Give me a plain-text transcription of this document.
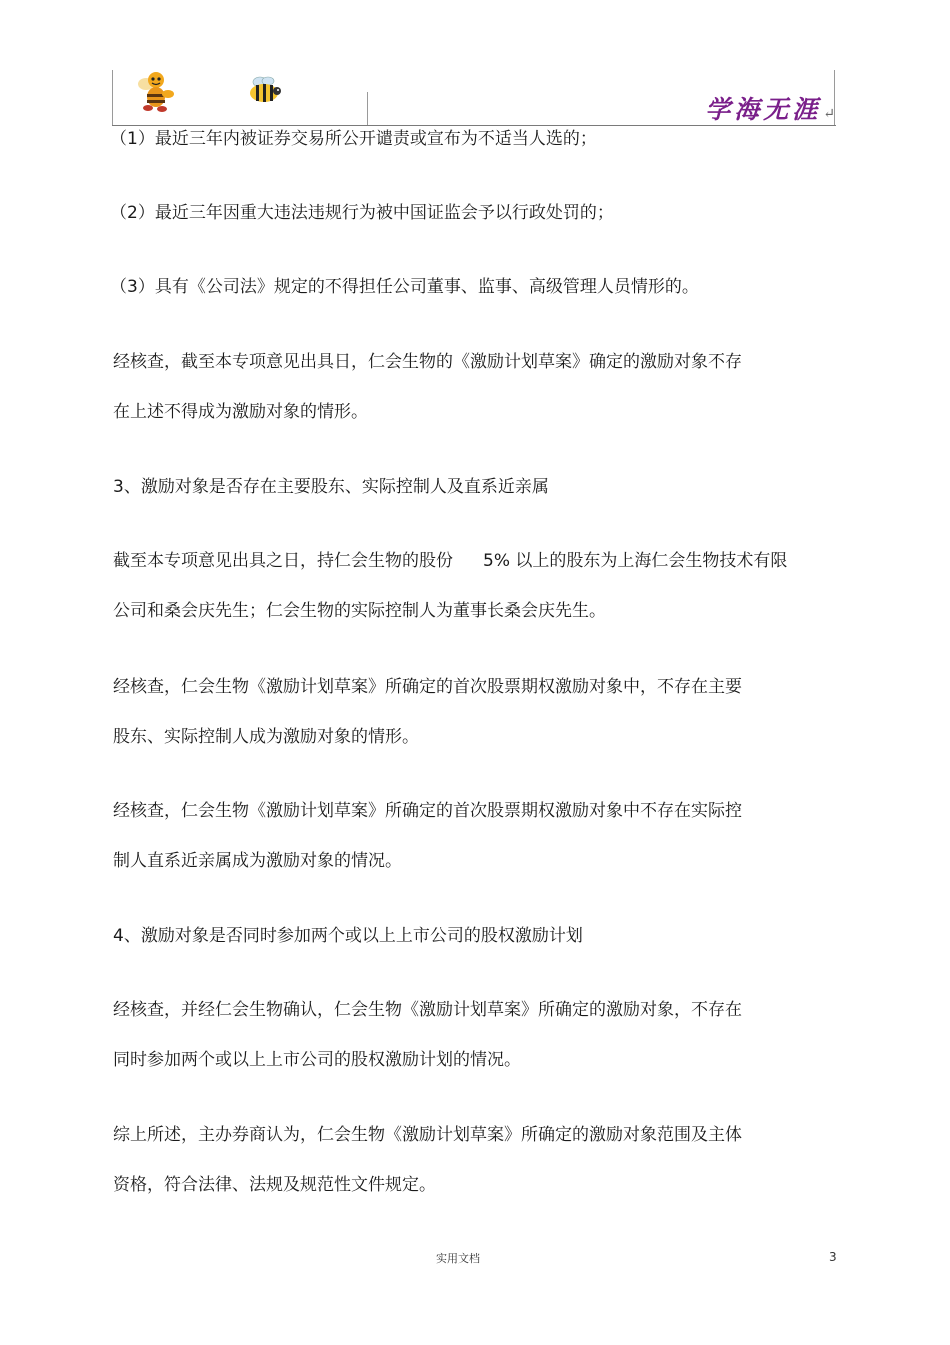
学海无涯 ↵
（1）最近三年内被证券交易所公开谴责或宣布为不适当人选的；
（2）最近三年因重大违法违规行为被中国证监会予以行政处罚的；
（3）具有《公司法》规定的不得担任公司董事、监事、高级管理人员情形的。
经核查，截至本专项意见出具日，仁会生物的《激励计划草案》确定的激励对象不存
在上述不得成为激励对象的情形。
3、激励对象是否存在主要股东、实际控制人及直系近亲属
截至本专项意见出具之日，持仁会生物的股份 5% 以上的股东为上海仁会生物技术有限
公司和桑会庆先生；仁会生物的实际控制人为董事长桑会庆先生。
经核查，仁会生物《激励计划草案》所确定的首次股票期权激励对象中，不存在主要
股东、实际控制人成为激励对象的情形。
经核查，仁会生物《激励计划草案》所确定的首次股票期权激励对象中不存在实际控
制人直系近亲属成为激励对象的情况。
4、激励对象是否同时参加两个或以上上市公司的股权激励计划
经核查，并经仁会生物确认，仁会生物《激励计划草案》所确定的激励对象，不存在
同时参加两个或以上上市公司的股权激励计划的情况。
综上所述，主办券商认为，仁会生物《激励计划草案》所确定的激励对象范围及主体
资格，符合法律、法规及规范性文件规定。
实用文档	3
